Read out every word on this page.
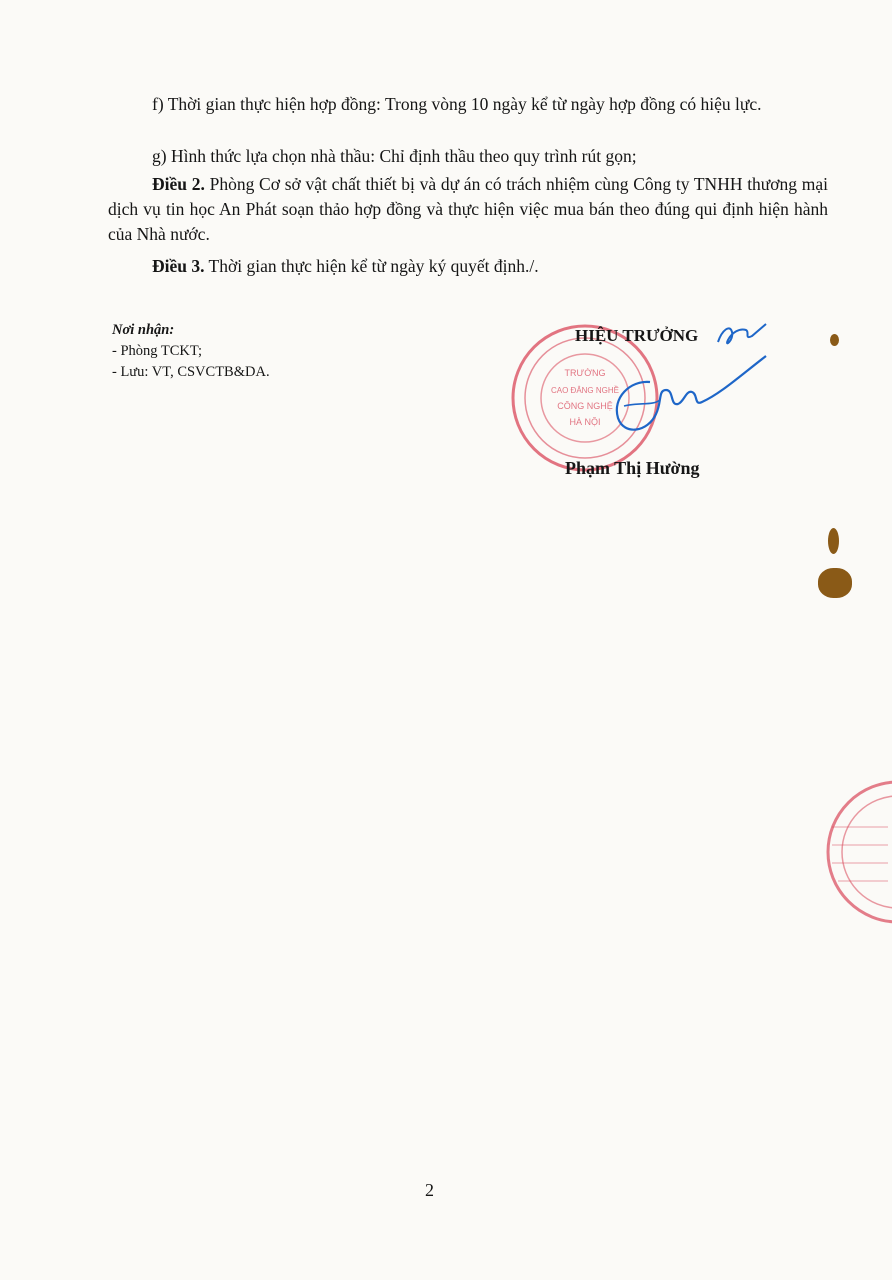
f) Thời gian thực hiện hợp đồng: Trong vòng 10 ngày kể từ ngày hợp đồng có hiệu lực.

g) Hình thức lựa chọn nhà thầu: Chỉ định thầu theo quy trình rút gọn;

Điều 2. Phòng Cơ sở vật chất thiết bị và dự án có trách nhiệm cùng Công ty TNHH thương mại dịch vụ tin học An Phát soạn thảo hợp đồng và thực hiện việc mua bán theo đúng qui định hiện hành của Nhà nước.

Điều 3. Thời gian thực hiện kể từ ngày ký quyết định./.

Nơi nhận:
- Phòng TCKT;
- Lưu: VT, CSVCTB&DA.	TRƯỜNG
CAO ĐẲNG NGHỀ
CÔNG NGHỆ
HÀ NỘI
HIỆU TRƯỞNG
Phạm Thị Hường
2
